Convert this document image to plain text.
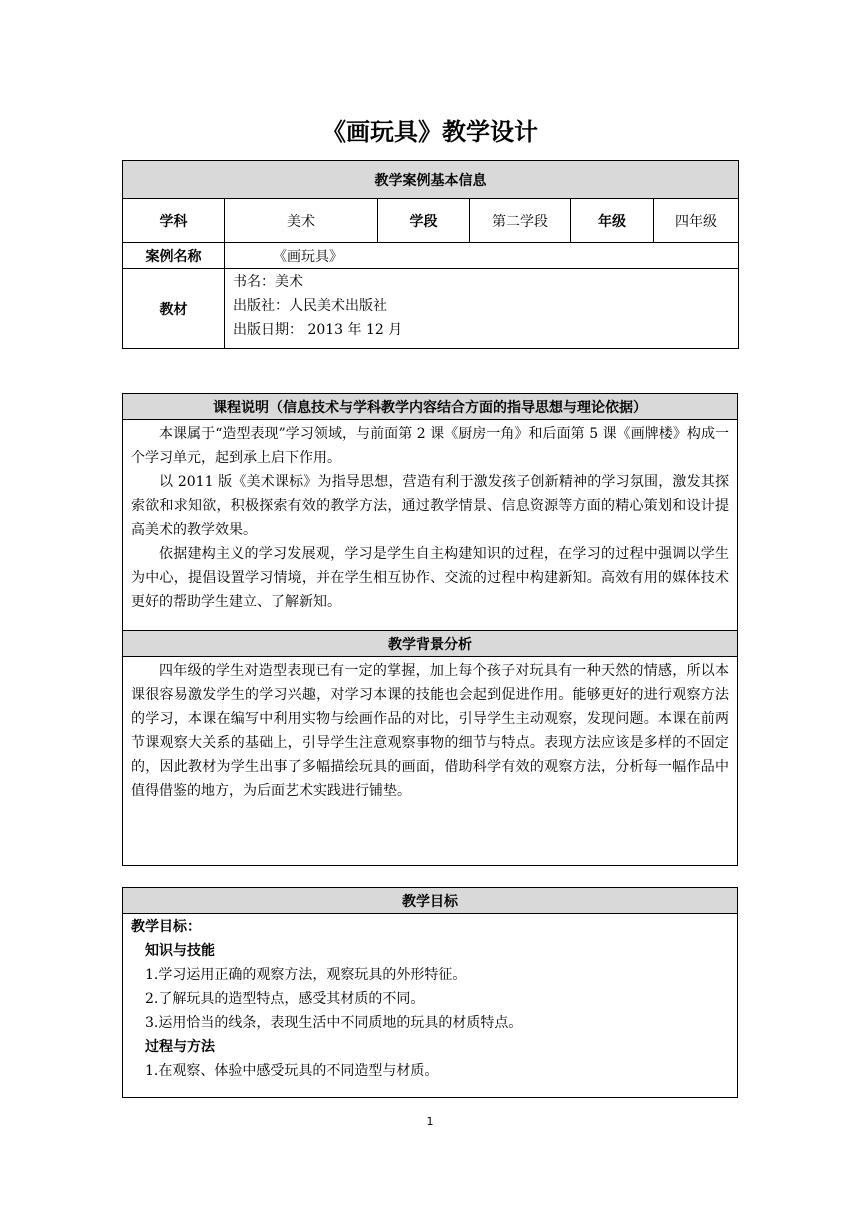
《画玩具》教学设计
教学案例基本信息					
学科	美术	学段	第二学段	年级	四年级
案例名称	《画玩具》				
教材	书名：美术
出版社：人民美术出版社
出版日期： 2013 年 12 月				
课程说明（信息技术与学科教学内容结合方面的指导思想与理论依据）

本课属于“造型表现”学习领域，与前面第 2 课《厨房一角》和后面第 5 课《画牌楼》构成一个学习单元，起到承上启下作用。

以 2011 版《美术课标》为指导思想，营造有利于激发孩子创新精神的学习氛围，激发其探索欲和求知欲，积极探索有效的教学方法，通过教学情景、信息资源等方面的精心策划和设计提高美术的教学效果。

依据建构主义的学习发展观，学习是学生自主构建知识的过程，在学习的过程中强调以学生为中心，提倡设置学习情境，并在学生相互协作、交流的过程中构建新知。高效有用的媒体技术更好的帮助学生建立、了解新知。

教学背景分析

四年级的学生对造型表现已有一定的掌握，加上每个孩子对玩具有一种天然的情感，所以本课很容易激发学生的学习兴趣，对学习本课的技能也会起到促进作用。能够更好的进行观察方法的学习，本课在编写中利用实物与绘画作品的对比，引导学生主动观察，发现问题。本课在前两节课观察大关系的基础上，引导学生注意观察事物的细节与特点。表现方法应该是多样的不固定的，因此教材为学生出事了多幅描绘玩具的画面，借助科学有效的观察方法，分析每一幅作品中值得借鉴的地方，为后面艺术实践进行铺垫。

教学目标

教学目标：
知识与技能
1.学习运用正确的观察方法，观察玩具的外形特征。
2.了解玩具的造型特点，感受其材质的不同。
3.运用恰当的线条，表现生活中不同质地的玩具的材质特点。
过程与方法
1.在观察、体验中感受玩具的不同造型与材质。
1
